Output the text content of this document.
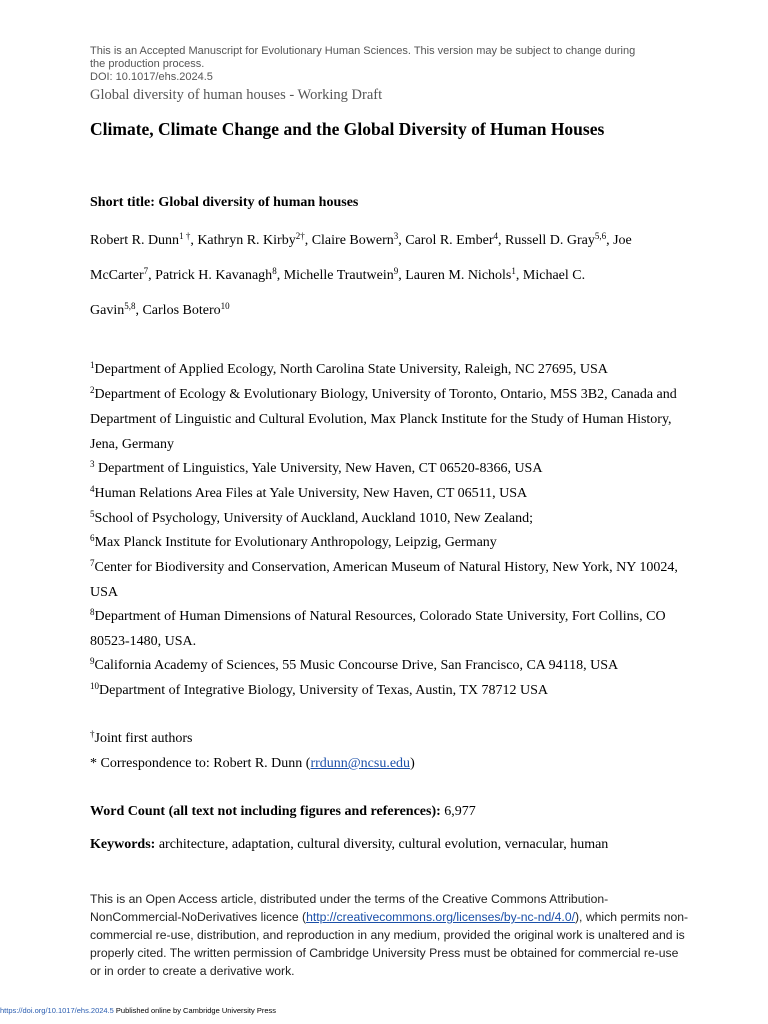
This is an Accepted Manuscript for Evolutionary Human Sciences. This version may be subject to change during
the production process.
DOI: 10.1017/ehs.2024.5
Global diversity of human houses - Working Draft
Climate, Climate Change and the Global Diversity of Human Houses
Short title: Global diversity of human houses
Robert R. Dunn$^{1 \dagger}$, Kathryn R. Kirby$^{2\dagger}$, Claire Bowern$^3$, Carol R. Ember$^4$, Russell D. Gray$^{5,6}$, Joe
McCarter$^7$, Patrick H. Kavanagh$^8$, Michelle Trautwein$^9$, Lauren M. Nichols$^1$, Michael C.
Gavin$^{5,8}$, Carlos Botero$^{10}$
$^1$Department of Applied Ecology, North Carolina State University, Raleigh, NC 27695, USA
$^2$Department of Ecology & Evolutionary Biology, University of Toronto, Ontario, M5S 3B2, Canada and
Department of Linguistic and Cultural Evolution, Max Planck Institute for the Study of Human History,
Jena, Germany
$^3$ Department of Linguistics, Yale University, New Haven, CT 06520-8366, USA
$^4$Human Relations Area Files at Yale University, New Haven, CT 06511, USA
$^5$School of Psychology, University of Auckland, Auckland 1010, New Zealand;
$^6$Max Planck Institute for Evolutionary Anthropology, Leipzig, Germany
$^7$Center for Biodiversity and Conservation, American Museum of Natural History, New York, NY 10024,
USA
$^8$Department of Human Dimensions of Natural Resources, Colorado State University, Fort Collins, CO
80523-1480, USA.
$^9$California Academy of Sciences, 55 Music Concourse Drive, San Francisco, CA 94118, USA
$^{10}$Department of Integrative Biology, University of Texas, Austin, TX 78712 USA
†Joint first authors
* Correspondence to: Robert R. Dunn (rrdunn@ncsu.edu)
Word Count (all text not including figures and references): 6,977
Keywords: architecture, adaptation, cultural diversity, cultural evolution, vernacular, human
This is an Open Access article, distributed under the terms of the Creative Commons Attribution-NonCommercial-NoDerivatives licence (http://creativecommons.org/licenses/by-nc-nd/4.0/), which permits non-commercial re-use, distribution, and reproduction in any medium, provided the original work is unaltered and is properly cited. The written permission of Cambridge University Press must be obtained for commercial re-use or in order to create a derivative work.
https://doi.org/10.1017/ehs.2024.5 Published online by Cambridge University Press
